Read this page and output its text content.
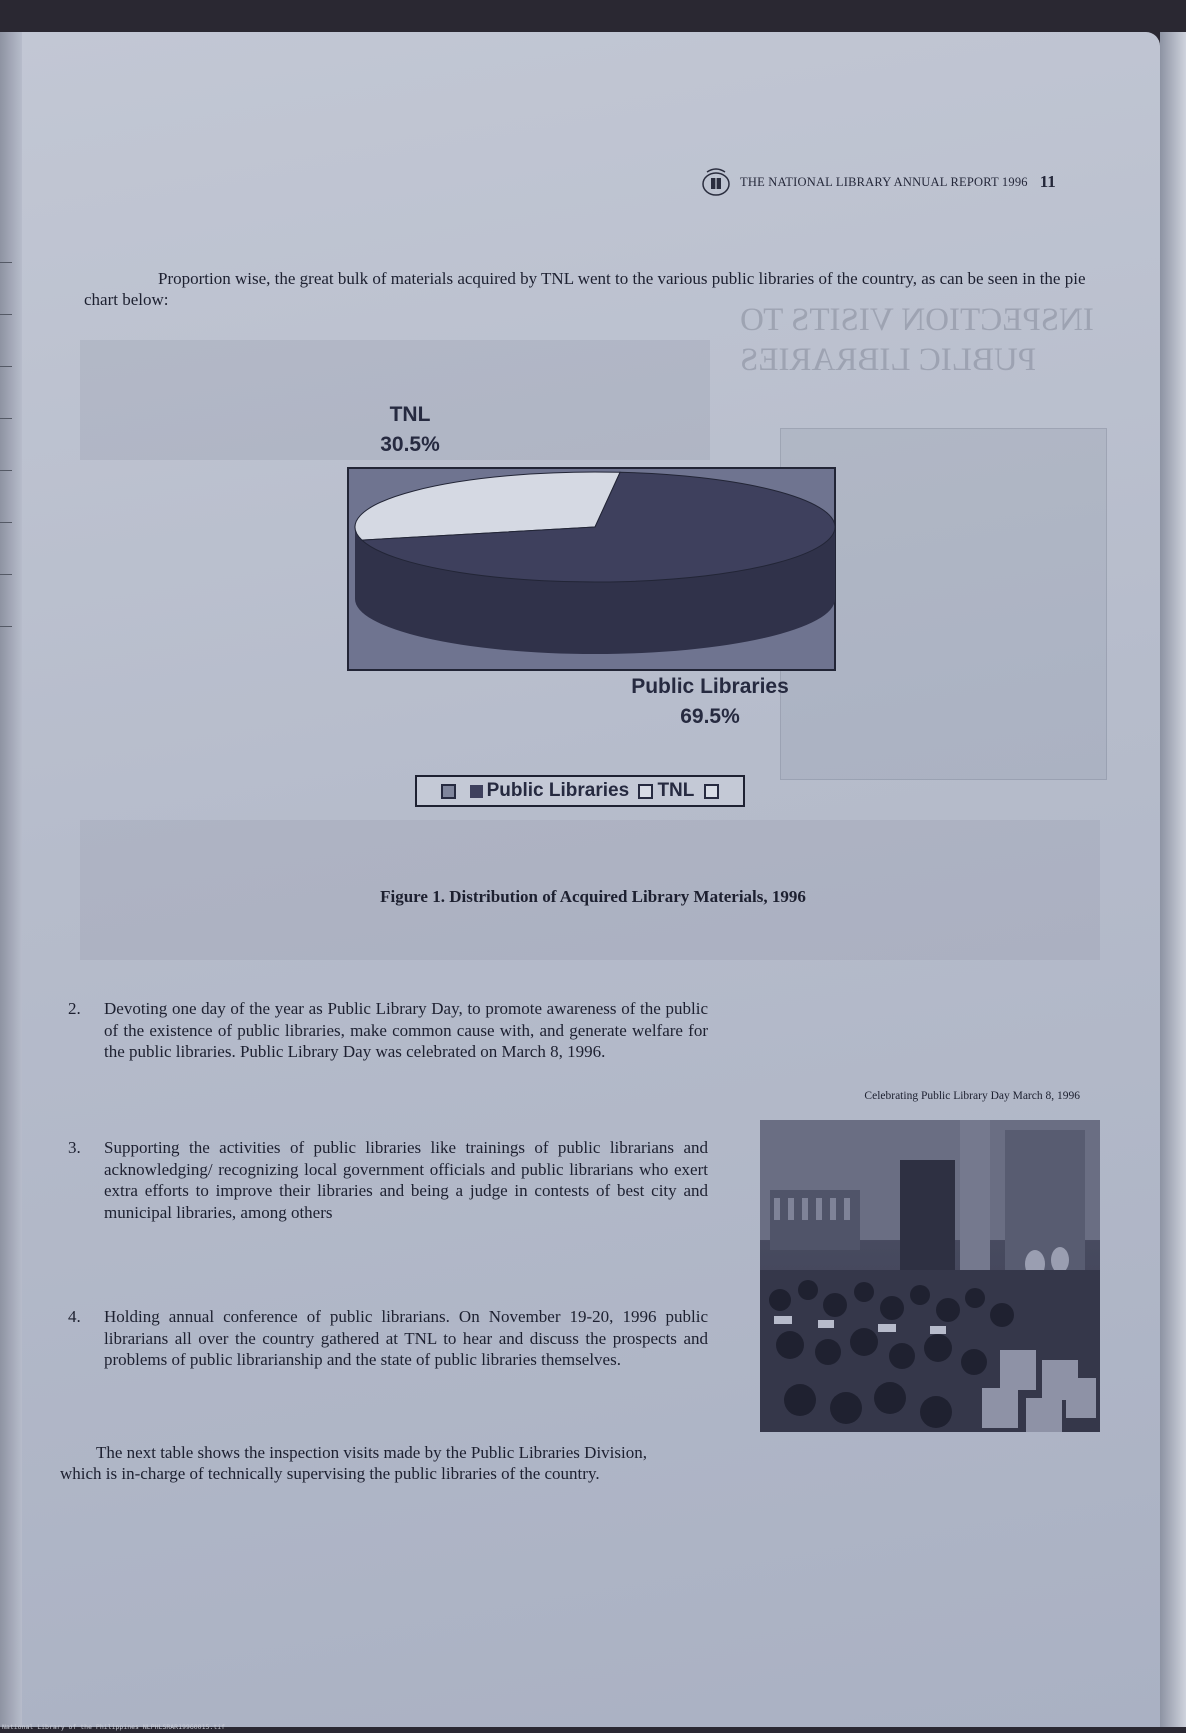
INSPECTION VISITS TO PUBLIC LIBRARIES
THE NATIONAL LIBRARY ANNUAL REPORT 1996 11

Proportion wise, the great bulk of materials acquired by TNL went to the various public libraries of the country, as can be seen in the pie chart below:

TNL
30.5%
Public Libraries
69.5%

Public Libraries
TNL

Figure 1. Distribution of Acquired Library Materials, 1996

2.	Devoting one day of the year as Public Library Day, to promote awareness of the public of the existence of public libraries, make common cause with, and generate welfare for the public libraries. Public Library Day was celebrated on March 8, 1996.
3.	Supporting the activities of public libraries like trainings of public librarians and acknowledging/ recognizing local government officials and public librarians who exert extra efforts to improve their libraries and being a judge in contests of best city and municipal libraries, among others
4.	Holding annual conference of public librarians. On November 19-20, 1996 public librarians all over the country gathered at TNL to hear and discuss the prospects and problems of public librarianship and the state of public libraries themselves.

Celebrating Public Library Day March 8, 1996

The next table shows the inspection visits made by the Public Libraries Division, which is in-charge of technically supervising the public libraries of the country.

National Library of the Philippines NLPHLSRAR19960015.tif
